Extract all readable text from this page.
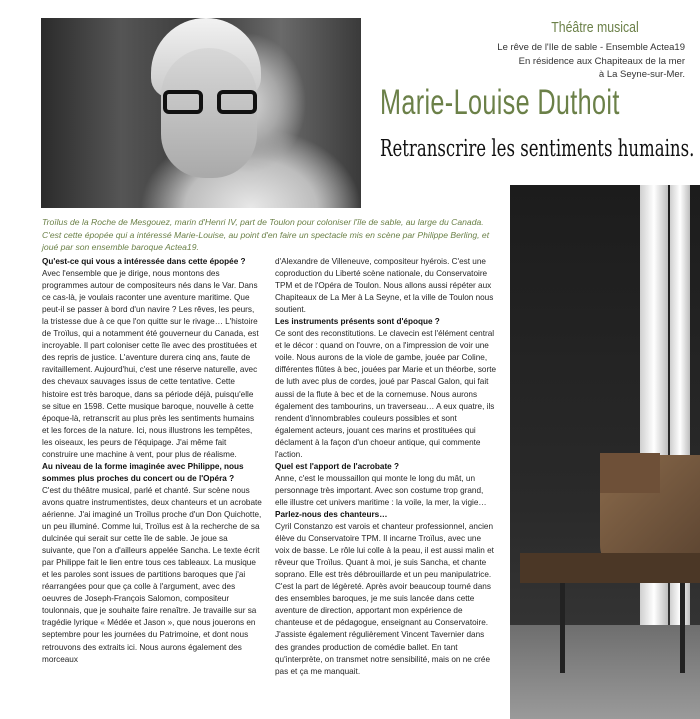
Théâtre musical
Le rêve de l'Ile de sable - Ensemble Actea19
En résidence aux Chapiteaux de la mer
à La Seyne-sur-Mer.
Marie-Louise Duthoit
Retranscrire les sentiments humains.
Troïlus de la Roche de Mesgouez, marin d'Henri IV, part de Toulon pour coloniser l'île de sable, au large du Canada. C'est cette épopée qui a intéressé Marie-Louise, au point d'en faire un spectacle mis en scène par Philippe Berling, et joué par son ensemble baroque Actea19.

Qu'est-ce qui vous a intéressée dans cette épopée ?

Avec l'ensemble que je dirige, nous montons des programmes autour de compositeurs nés dans le Var. Dans ce cas-là, je voulais raconter une aventure maritime. Que peut-il se passer à bord d'un navire ? Les rêves, les peurs, la tristesse due à ce que l'on quitte sur le rivage… L'histoire de Troïlus, qui a notamment été gouverneur du Canada, est incroyable. Il part coloniser cette île avec des prostituées et des repris de justice. L'aventure durera cinq ans, faute de ravitaillement. Aujourd'hui, c'est une réserve naturelle, avec des chevaux sauvages issus de cette tentative. Cette histoire est très baroque, dans sa période déjà, puisqu'elle se situe en 1598. Cette musique baroque, nouvelle à cette époque-là, retranscrit au plus près les sentiments humains et les forces de la nature. Ici, nous illustrons les tempêtes, les oiseaux, les peurs de l'équipage. J'ai même fait construire une machine à vent, pour plus de réalisme.

Au niveau de la forme imaginée avec Philippe, nous sommes plus proches du concert ou de l'Opéra ?

C'est du théâtre musical, parlé et chanté. Sur scène nous avons quatre instrumentistes, deux chanteurs et un acrobate aérienne. J'ai imaginé un Troïlus proche d'un Don Quichotte, un peu illuminé. Comme lui, Troïlus est à la recherche de sa dulcinée qui serait sur cette île de sable. Je joue sa suivante, que l'on a d'ailleurs appelée Sancha. Le texte écrit par Philippe fait le lien entre tous ces tableaux. La musique et les paroles sont issues de partitions baroques que j'ai réarrangées pour que ça colle à l'argument, avec des oeuvres de Joseph-François Salomon, compositeur toulonnais, que je souhaite faire renaître. Je travaille sur sa tragédie lyrique « Médée et Jason », que nous jouerons en septembre pour les journées du Patrimoine, et dont nous retrouvons des extraits ici. Nous aurons également des morceaux

d'Alexandre de Villeneuve, compositeur hyérois. C'est une coproduction du Liberté scène nationale, du Conservatoire TPM et de l'Opéra de Toulon. Nous allons aussi répéter aux Chapiteaux de La Mer à La Seyne, et la ville de Toulon nous soutient.

Les instruments présents sont d'époque ?

Ce sont des reconstitutions. Le clavecin est l'élément central et le décor : quand on l'ouvre, on a l'impression de voir une voile. Nous aurons de la viole de gambe, jouée par Coline, différentes flûtes à bec, jouées par Marie et un théorbe, sorte de luth avec plus de cordes, joué par Pascal Galon, qui fait aussi de la flute à bec et de la cornemuse. Nous aurons également des tambourins, un traverseau… A eux quatre, ils rendent d'innombrables couleurs possibles et sont également acteurs, jouant ces marins et prostituées qui déclament à la façon d'un choeur antique, qui commente l'action.

Quel est l'apport de l'acrobate ?

Anne, c'est le moussaillon qui monte le long du mât, un personnage très important. Avec son costume trop grand, elle illustre cet univers maritime : la voile, la mer, la vigie…

Parlez-nous des chanteurs…

Cyril Constanzo est varois et chanteur professionnel, ancien élève du Conservatoire TPM. Il incarne Troïlus, avec une voix de basse. Le rôle lui colle à la peau, il est aussi malin et rêveur que Troïlus. Quant à moi, je suis Sancha, et chante soprano. Elle est très débrouillarde et un peu manipulatrice. C'est la part de légèreté. Après avoir beaucoup tourné dans des ensembles baroques, je me suis lancée dans cette aventure de direction, apportant mon expérience de chanteuse et de pédagogue, enseignant au Conservatoire. J'assiste également régulièrement Vincent Tavernier dans des grandes production de comédie ballet. En tant qu'interprète, on transmet notre sensibilité, mais on ne crée pas et ça me manquait.
